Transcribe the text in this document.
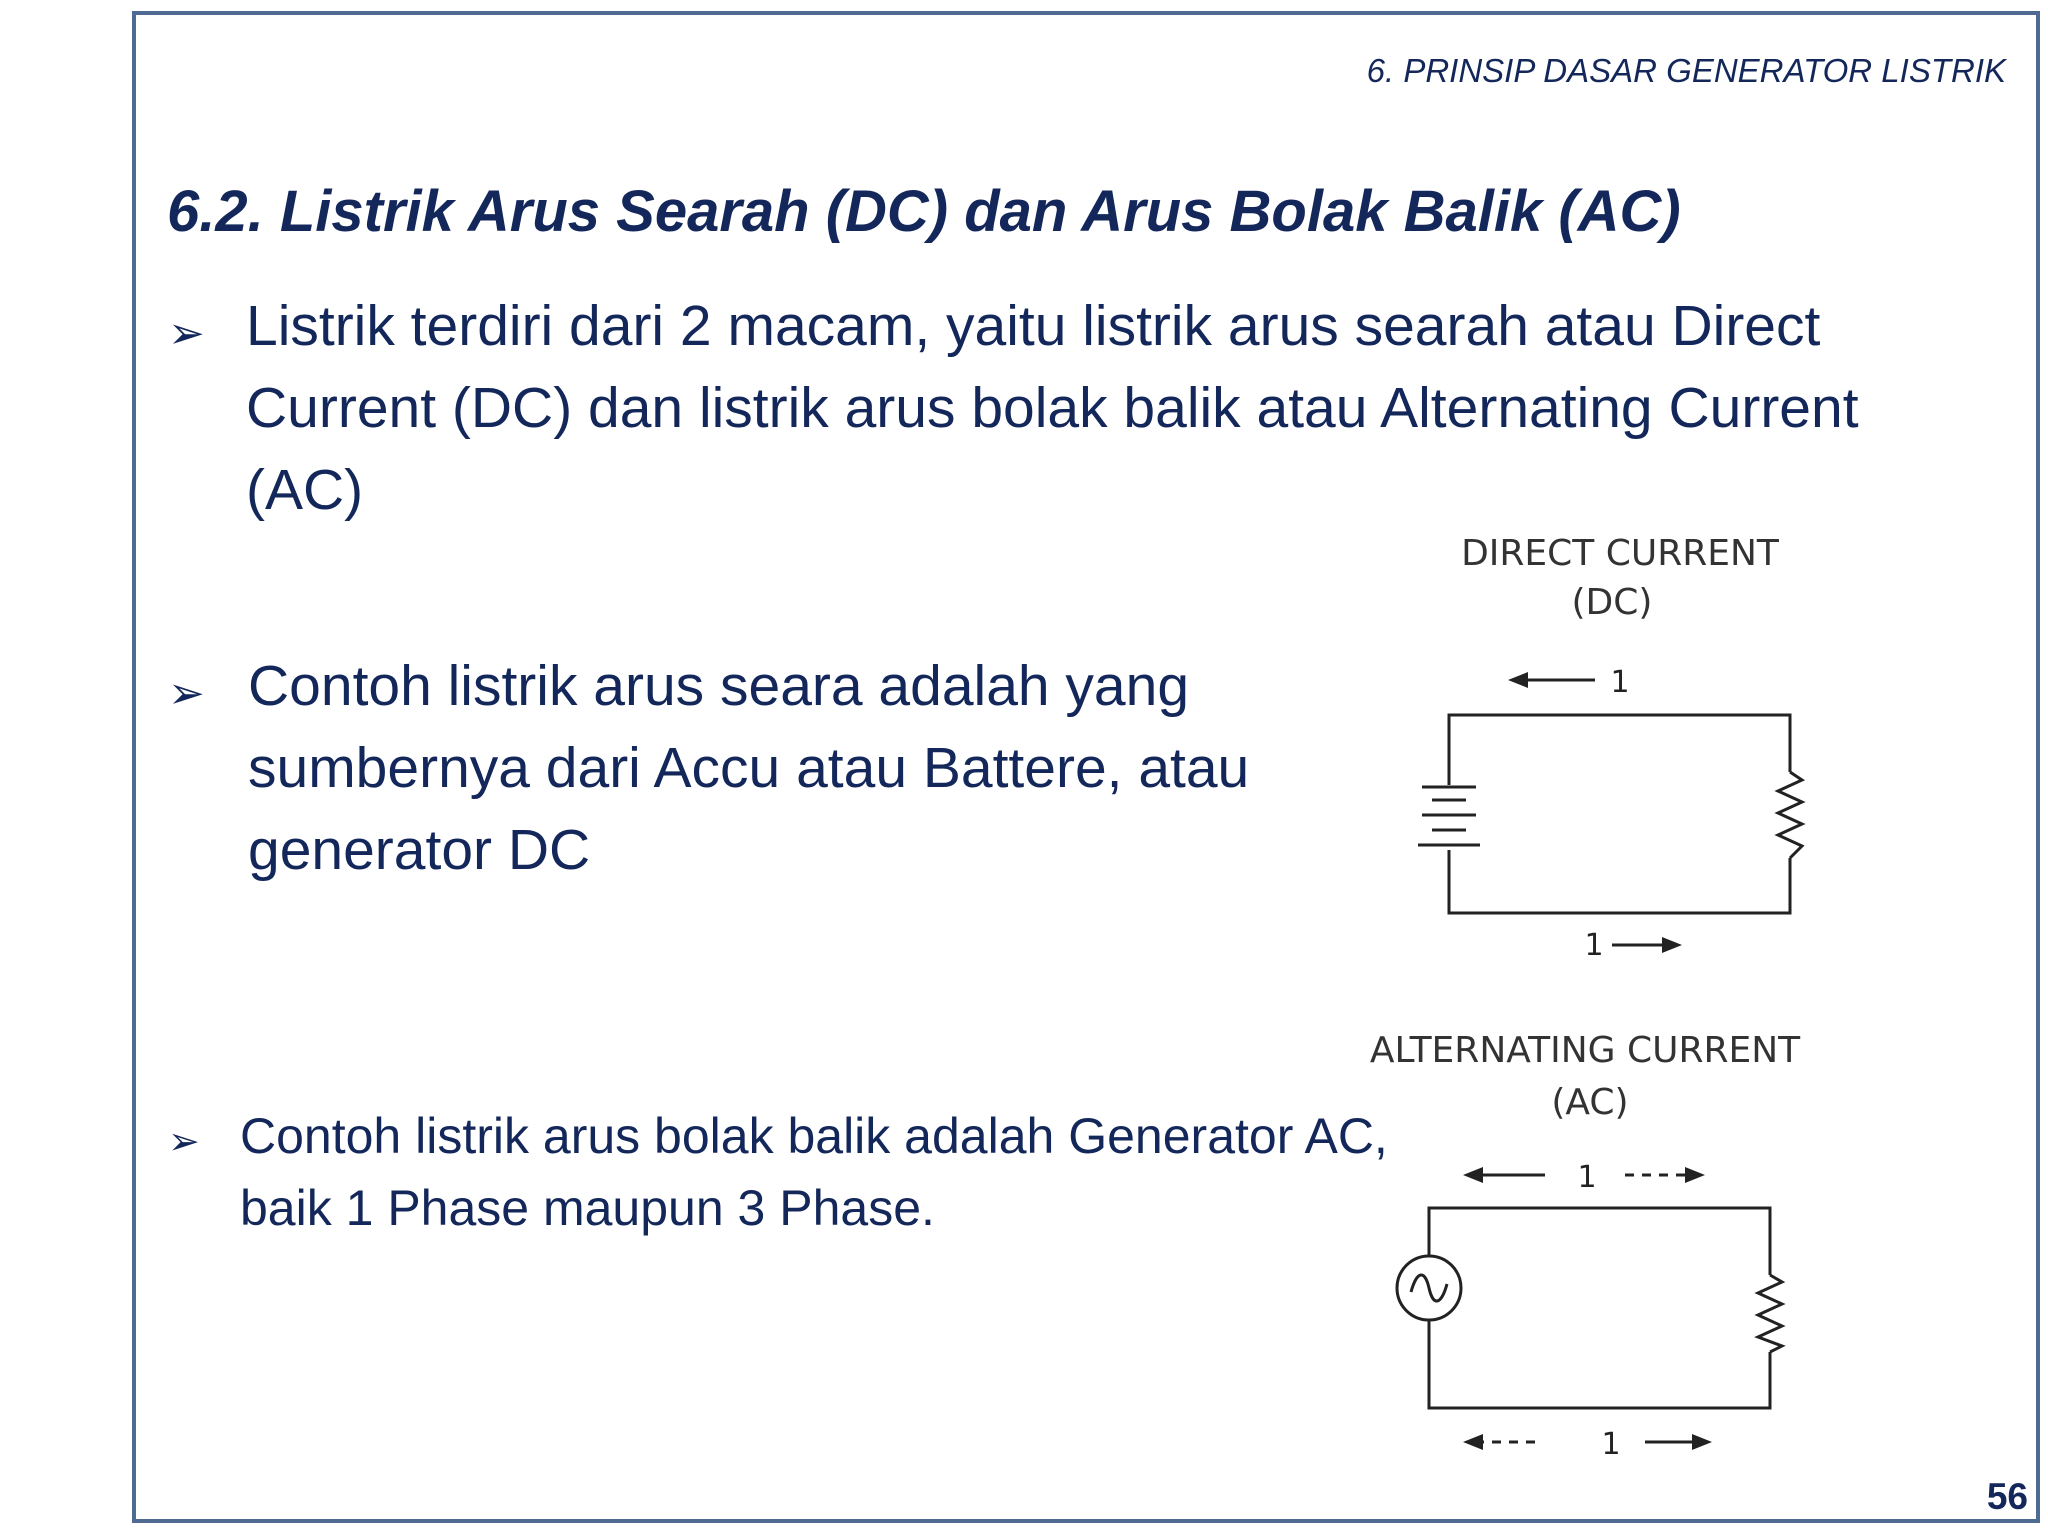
6. PRINSIP DASAR GENERATOR LISTRIK
6.2. Listrik Arus Searah (DC) dan Arus Bolak Balik (AC)
➢ Listrik terdiri dari 2 macam, yaitu listrik arus searah atau Direct Current (DC) dan listrik arus bolak balik atau Alternating Current (AC)
➢ Contoh listrik arus seara adalah yang sumbernya dari Accu atau Battere, atau generator DC
➢ Contoh listrik arus bolak balik adalah Generator AC, baik 1 Phase maupun 3 Phase.
DIRECT CURRENT
(DC)
1
1
ALTERNATING CURRENT
(AC)
1
1
56
